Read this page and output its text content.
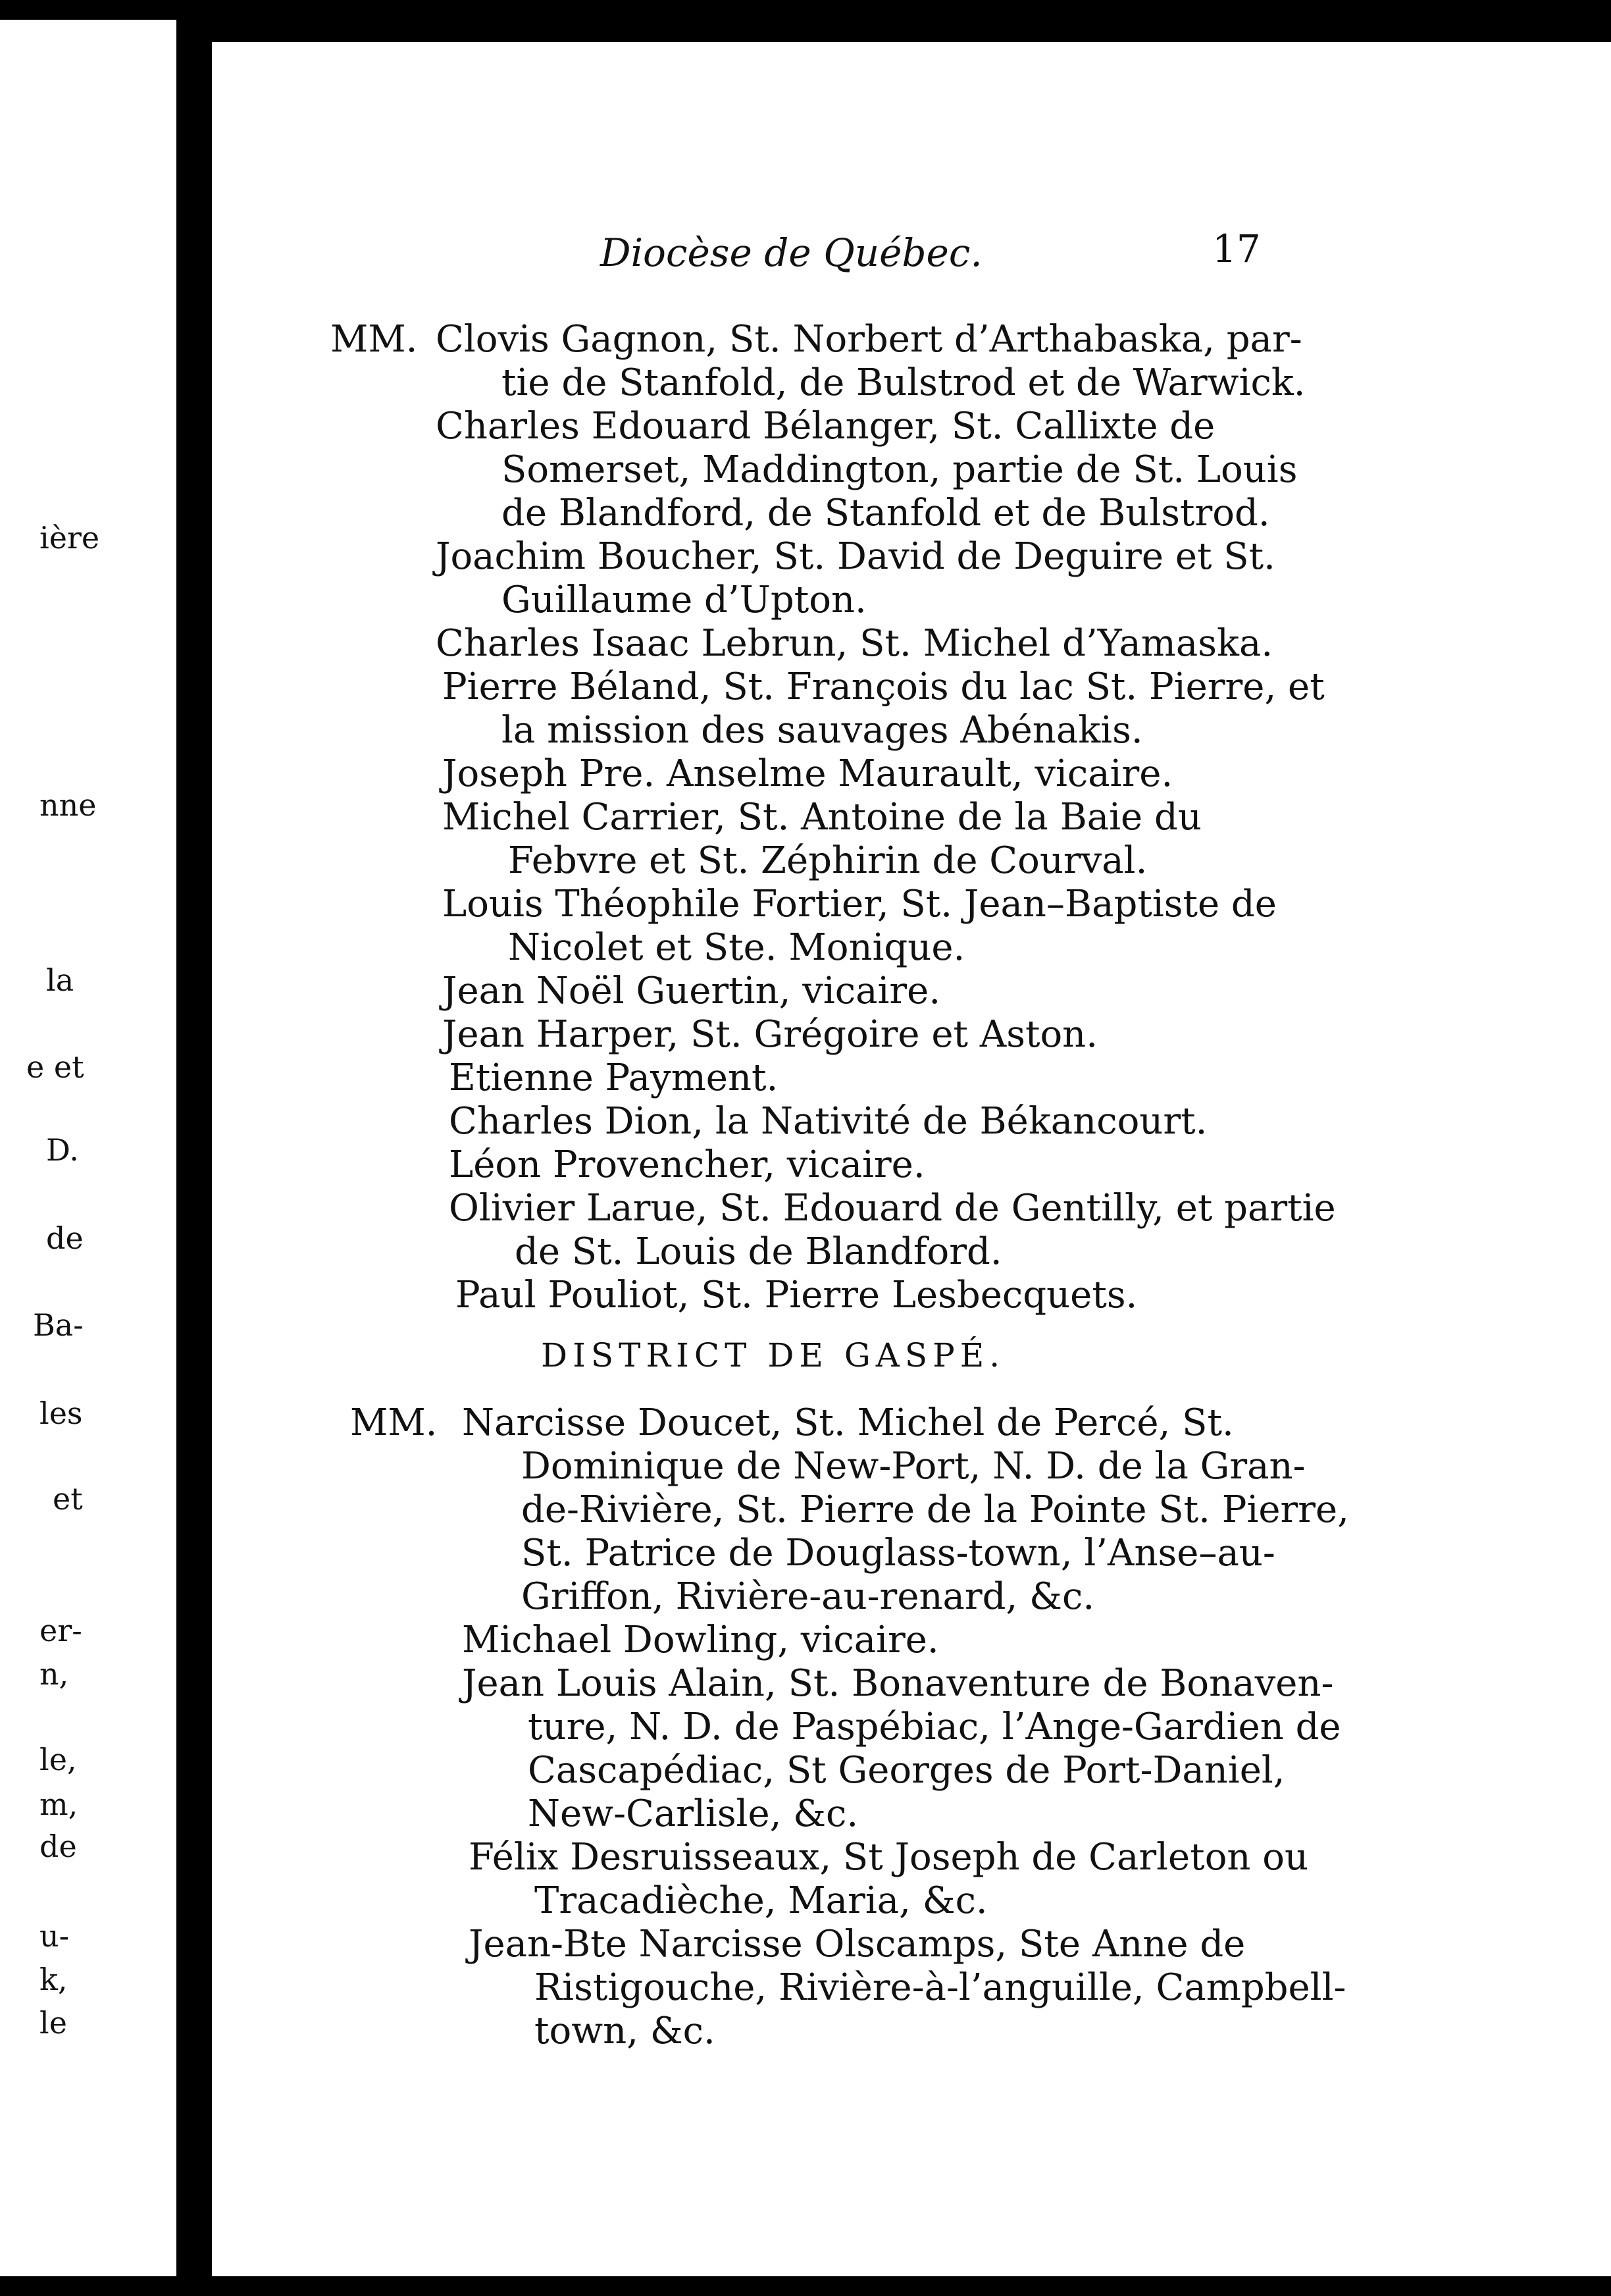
ière
nne
la
e et
D.
de
Ba-
les
et
er-
n,
le,
m,
de
u-
k,
le
Diocèse de Québec.	17
MM. Clovis Gagnon, St. Norbert d’Arthabaska, par-
tie de Stanfold, de Bulstrod et de Warwick.
Charles Edouard Bélanger, St. Callixte de
Somerset, Maddington, partie de St. Louis
de Blandford, de Stanfold et de Bulstrod.
Joachim Boucher, St. David de Deguire et St.
Guillaume d’Upton.
Charles Isaac Lebrun, St. Michel d’Yamaska.
Pierre Béland, St. François du lac St. Pierre, et
la mission des sauvages Abénakis.
Joseph Pre. Anselme Maurault, vicaire.
Michel Carrier, St. Antoine de la Baie du
Febvre et St. Zéphirin de Courval.
Louis Théophile Fortier, St. Jean–Baptiste de
Nicolet et Ste. Monique.
Jean Noël Guertin, vicaire.
Jean Harper, St. Grégoire et Aston.
Etienne Payment.
Charles Dion, la Nativité de Békancourt.
Léon Provencher, vicaire.
Olivier Larue, St. Edouard de Gentilly, et partie
de St. Louis de Blandford.
Paul Pouliot, St. Pierre Lesbecquets.
DISTRICT DE GASPÉ.
MM. Narcisse Doucet, St. Michel de Percé, St.
Dominique de New-Port, N. D. de la Gran-
de-Rivière, St. Pierre de la Pointe St. Pierre,
St. Patrice de Douglass-town, l’Anse–au-
Griffon, Rivière-au-renard, &c.
Michael Dowling, vicaire.
Jean Louis Alain, St. Bonaventure de Bonaven-
ture, N. D. de Paspébiac, l’Ange-Gardien de
Cascapédiac, St Georges de Port-Daniel,
New-Carlisle, &c.
Félix Desruisseaux, St Joseph de Carleton ou
Tracadièche, Maria, &c.
Jean-Bte Narcisse Olscamps, Ste Anne de
Ristigouche, Rivière-à-l’anguille, Campbell-
town, &c.
